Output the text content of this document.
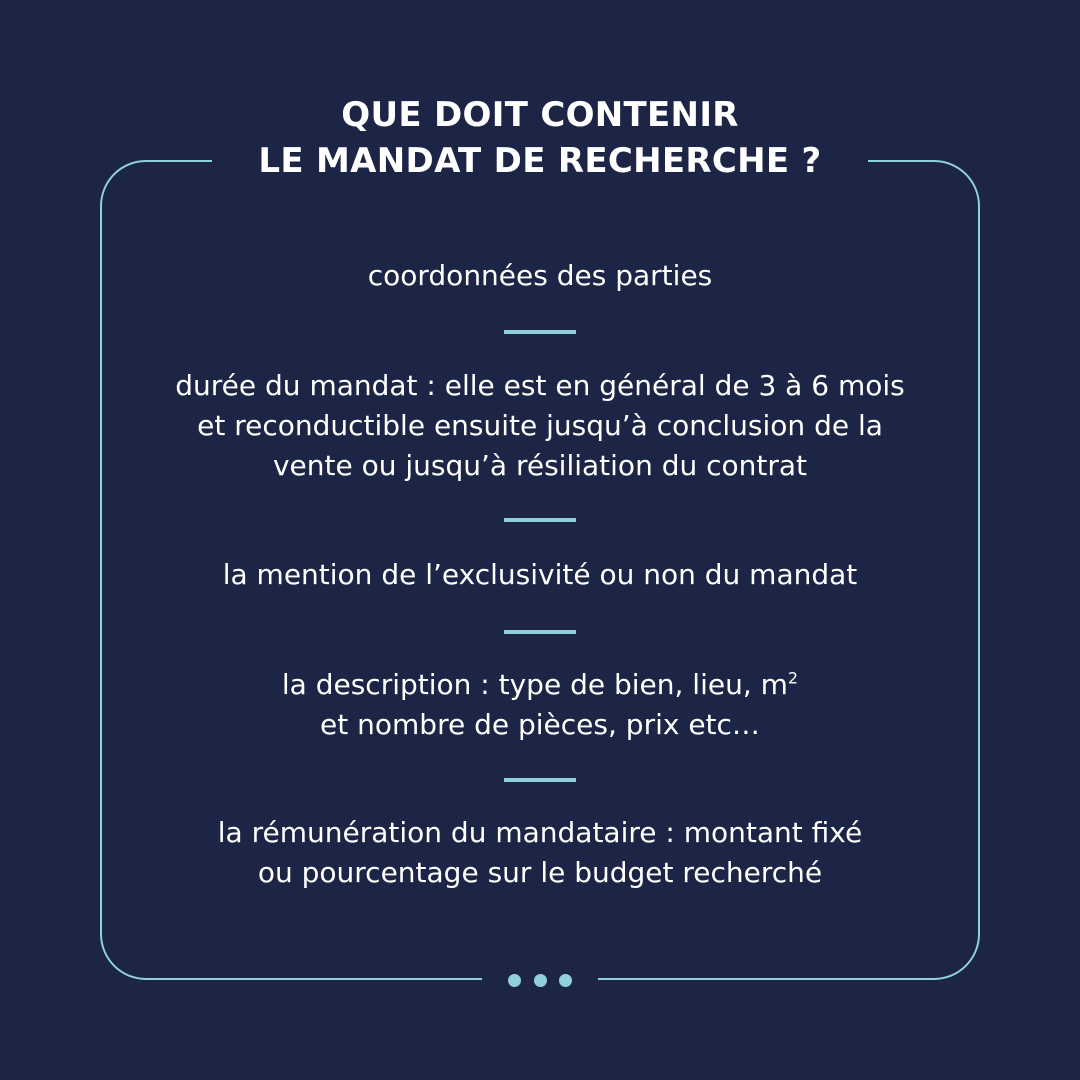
QUE DOIT CONTENIR
LE MANDAT DE RECHERCHE ?
coordonnées des parties
durée du mandat : elle est en général de 3 à 6 mois
et reconductible ensuite jusqu’à conclusion de la
vente ou jusqu’à résiliation du contrat
la mention de l’exclusivité ou non du mandat
la description : type de bien, lieu, $m^2$
et nombre de pièces, prix etc…
la rémunération du mandataire : montant fixé
ou pourcentage sur le budget recherché
